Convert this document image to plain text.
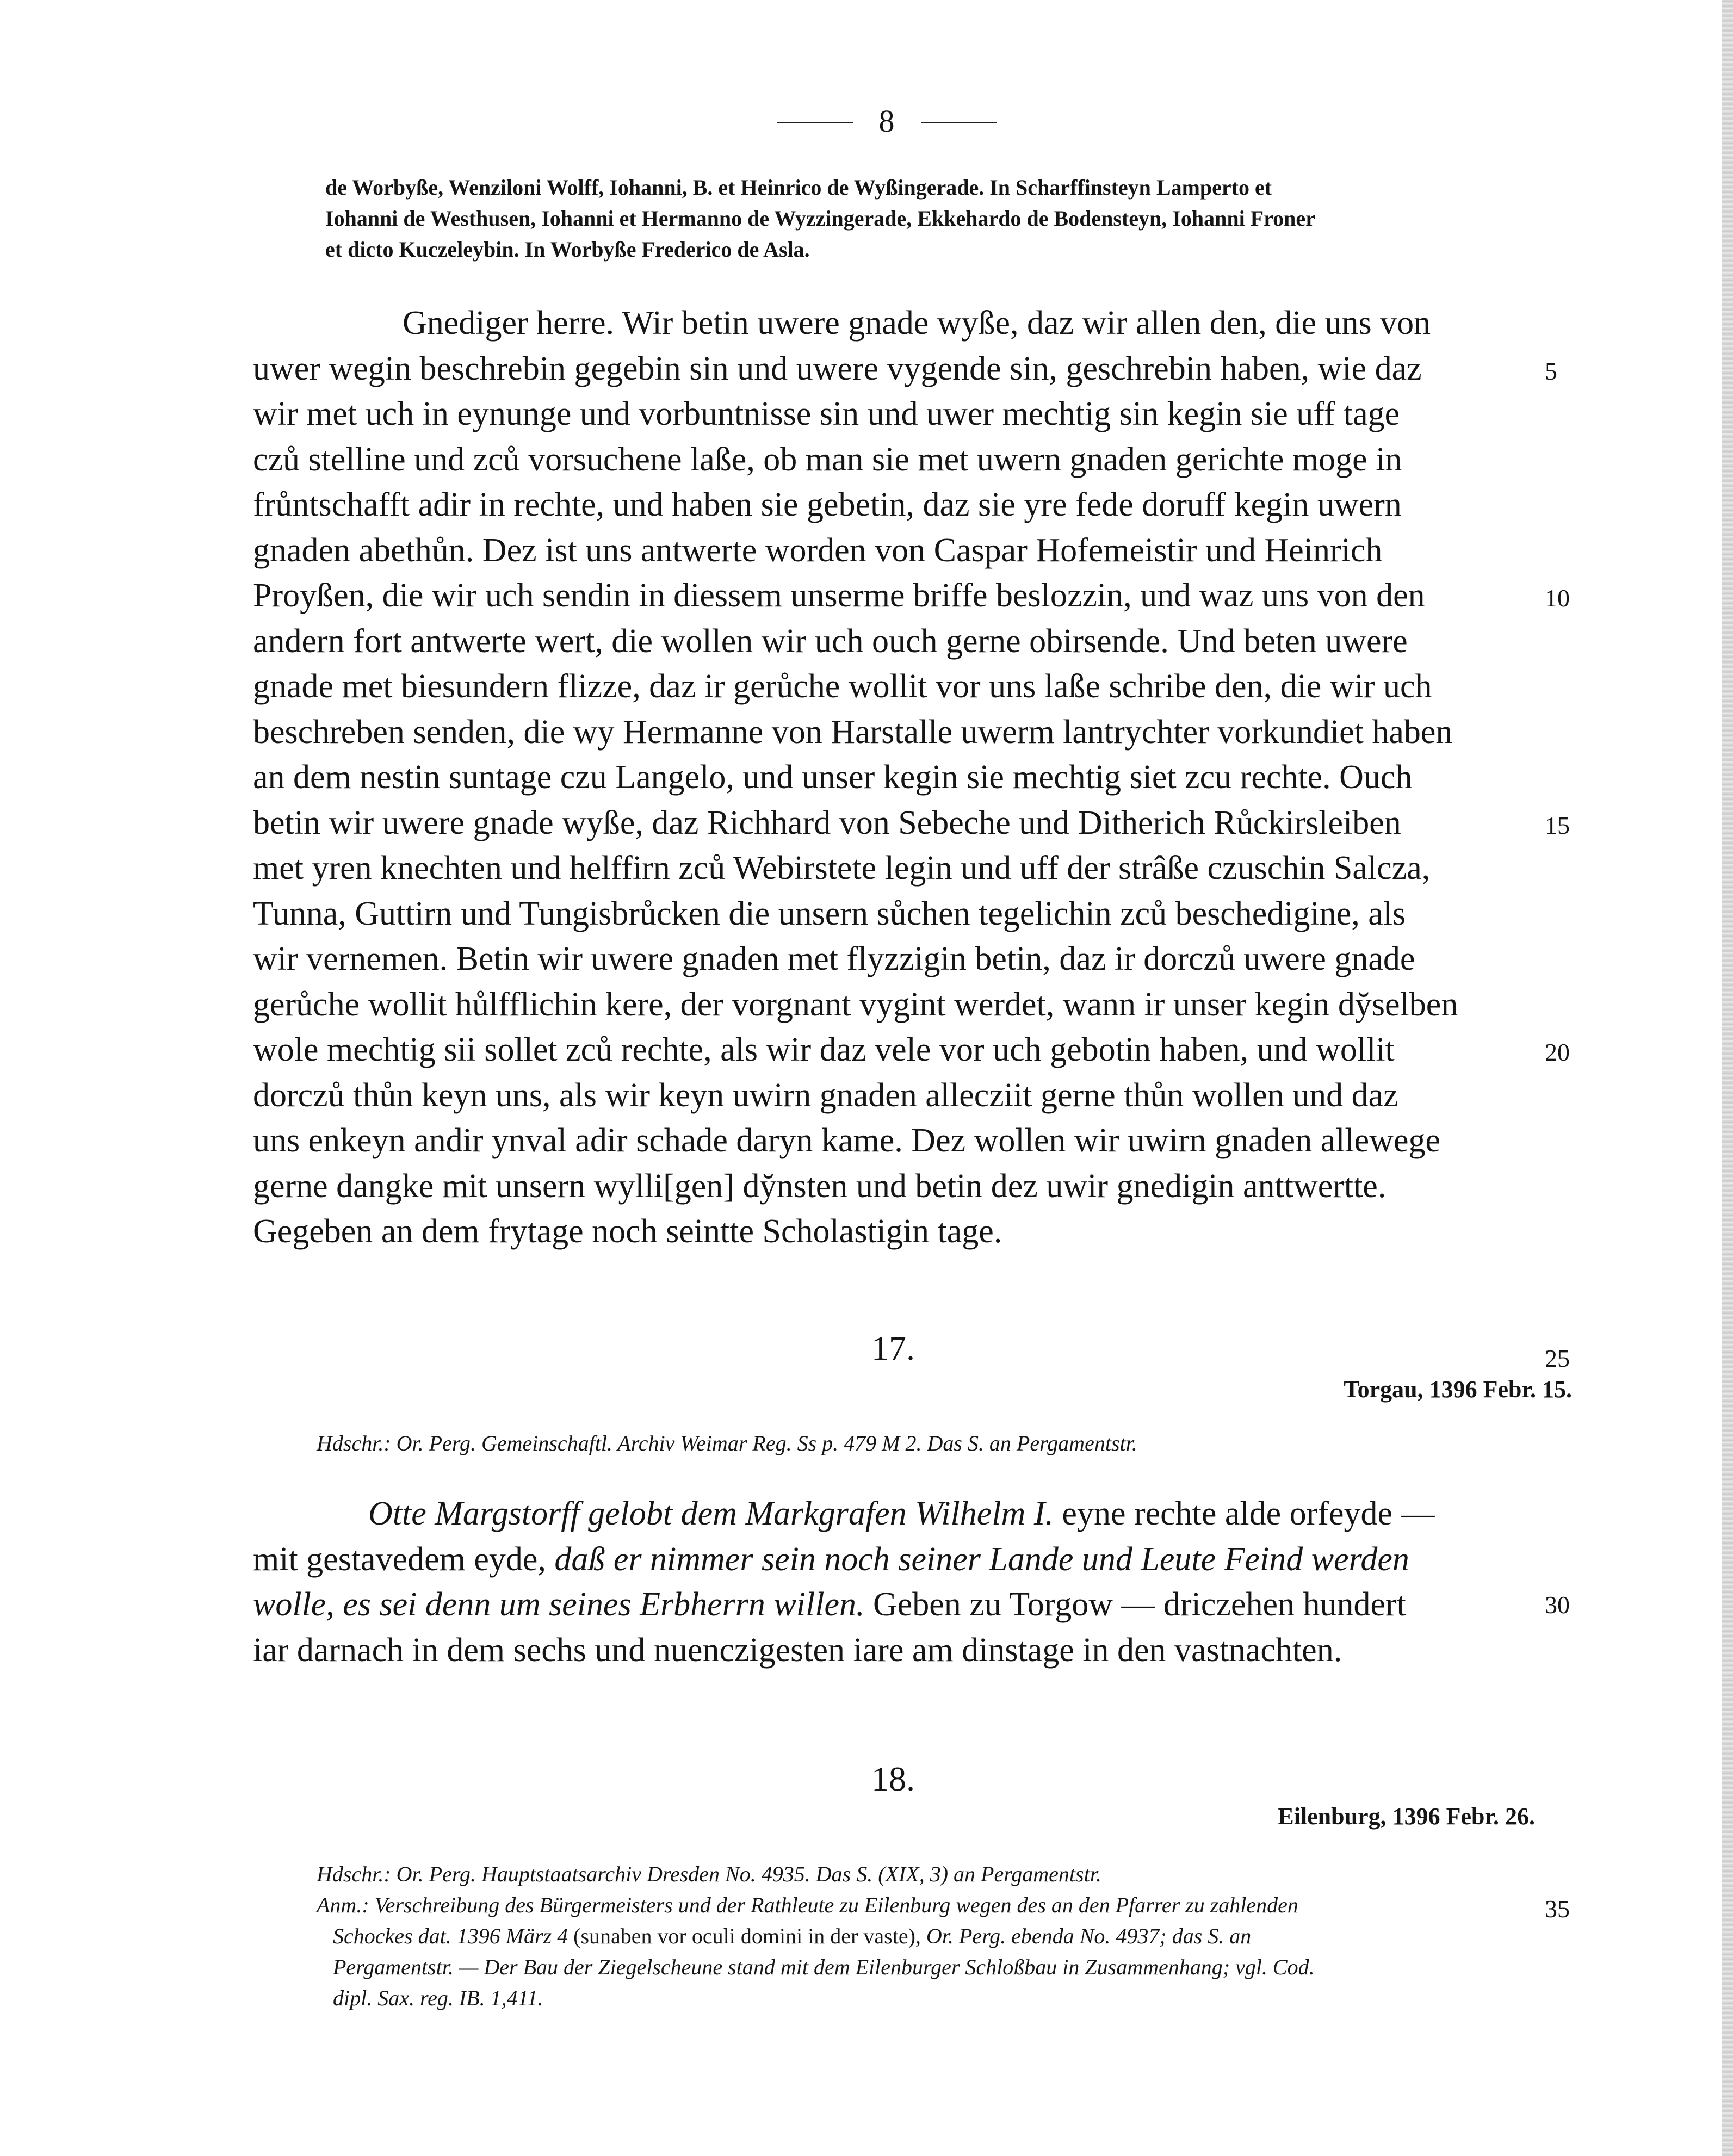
8

de Worbyße, Wenziloni Wolff, Iohanni, B. et Heinrico de Wyßingerade. In Scharffinsteyn Lamperto et

Iohanni de Westhusen, Iohanni et Hermanno de Wyzzingerade, Ekkehardo de Bodensteyn, Iohanni Froner

et dicto Kuczeleybin. In Worbyße Frederico de Asla.

Gnediger herre. Wir betin uwere gnade wyße, daz wir allen den, die uns von
uwer wegin beschrebin gegebin sin und uwere vygende sin, geschrebin haben, wie daz
wir met uch in eynunge und vorbuntnisse sin und uwer mechtig sin kegin sie uff tage
czů stelline und zců vorsuchene laße, ob man sie met uwern gnaden gerichte moge in
frůntschafft adir in rechte, und haben sie gebetin, daz sie yre fede doruff kegin uwern
gnaden abethůn. Dez ist uns antwerte worden von Caspar Hofemeistir und Heinrich
Proyßen, die wir uch sendin in diessem unserme briffe beslozzin, und waz uns von den
andern fort antwerte wert, die wollen wir uch ouch gerne obirsende. Und beten uwere
gnade met biesundern flizze, daz ir gerůche wollit vor uns laße schribe den, die wir uch
beschreben senden, die wy Hermanne von Harstalle uwerm lantrychter vorkundiet haben
an dem nestin suntage czu Langelo, und unser kegin sie mechtig siet zcu rechte. Ouch
betin wir uwere gnade wyße, daz Richhard von Sebeche und Ditherich Růckirsleiben
met yren knechten und helffirn zců Webirstete legin und uff der strâße czuschin Salcza,
Tunna, Guttirn und Tungisbrůcken die unsern sůchen tegelichin zců beschedigine, als
wir vernemen. Betin wir uwere gnaden met flyzzigin betin, daz ir dorczů uwere gnade
gerůche wollit hůlfflichin kere, der vorgnant vygint werdet, wann ir unser kegin dy̆selben
wole mechtig sii sollet zců rechte, als wir daz vele vor uch gebotin haben, und wollit
dorczů thůn keyn uns, als wir keyn uwirn gnaden allecziit gerne thůn wollen und daz
uns enkeyn andir ynval adir schade daryn kame. Dez wollen wir uwirn gnaden allewege
gerne dangke mit unsern wylli[gen] dy̆nsten und betin dez uwir gnedigin anttwertte.
Gegeben an dem frytage noch seintte Scholastigin tage.
5
10
15
20
25
30
35
17.
Torgau, 1396 Febr. 15.
Hdschr.: Or. Perg. Gemeinschaftl. Archiv Weimar Reg. Ss p. 479 M 2. Das S. an Pergamentstr.
Otte Margstorff gelobt dem Markgrafen Wilhelm I. eyne rechte alde orfeyde —
mit gestavedem eyde, daß er nimmer sein noch seiner Lande und Leute Feind werden
wolle, es sei denn um seines Erbherrn willen. Geben zu Torgow — driczehen hundert
iar darnach in dem sechs und nuenczigesten iare am dinstage in den vastnachten.
18.
Eilenburg, 1396 Febr. 26.
Hdschr.: Or. Perg. Hauptstaatsarchiv Dresden No. 4935. Das S. (XIX, 3) an Pergamentstr.
Anm.: Verschreibung des Bürgermeisters und der Rathleute zu Eilenburg wegen des an den Pfarrer zu zahlenden
Schockes dat. 1396 März 4 (sunaben vor oculi domini in der vaste), Or. Perg. ebenda No. 4937; das S. an
Pergamentstr. — Der Bau der Ziegelscheune stand mit dem Eilenburger Schloßbau in Zusammenhang; vgl. Cod.
dipl. Sax. reg. IB. 1,411.
